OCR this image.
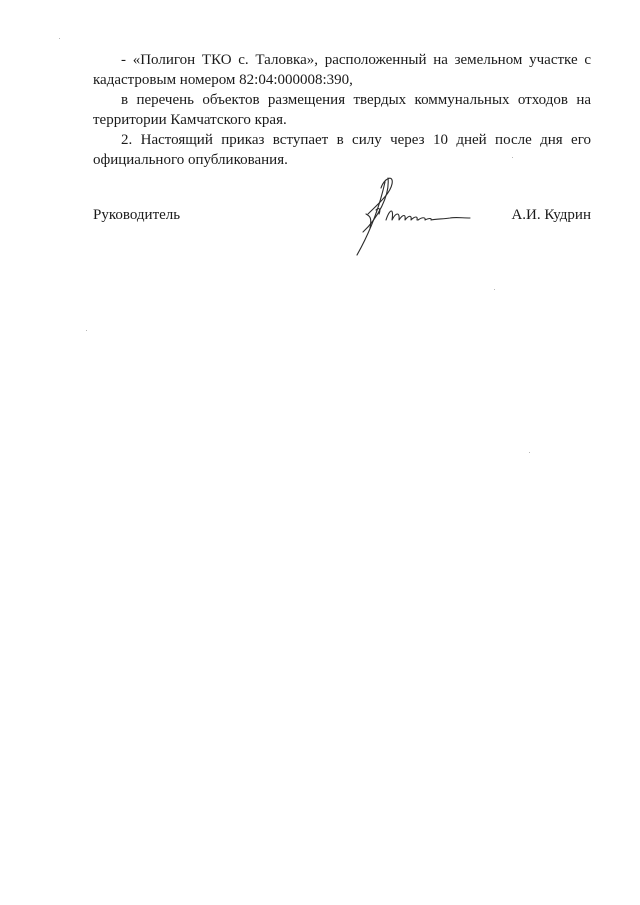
- «Полигон ТКО с. Таловка», расположенный на земельном участке с

кадастровым номером 82:04:000008:390,

в перечень объектов размещения твердых коммунальных отходов на

территории Камчатского края.

2. Настоящий приказ вступает в силу через 10 дней после дня его

официального опубликования.

Руководитель	А.И. Кудрин
